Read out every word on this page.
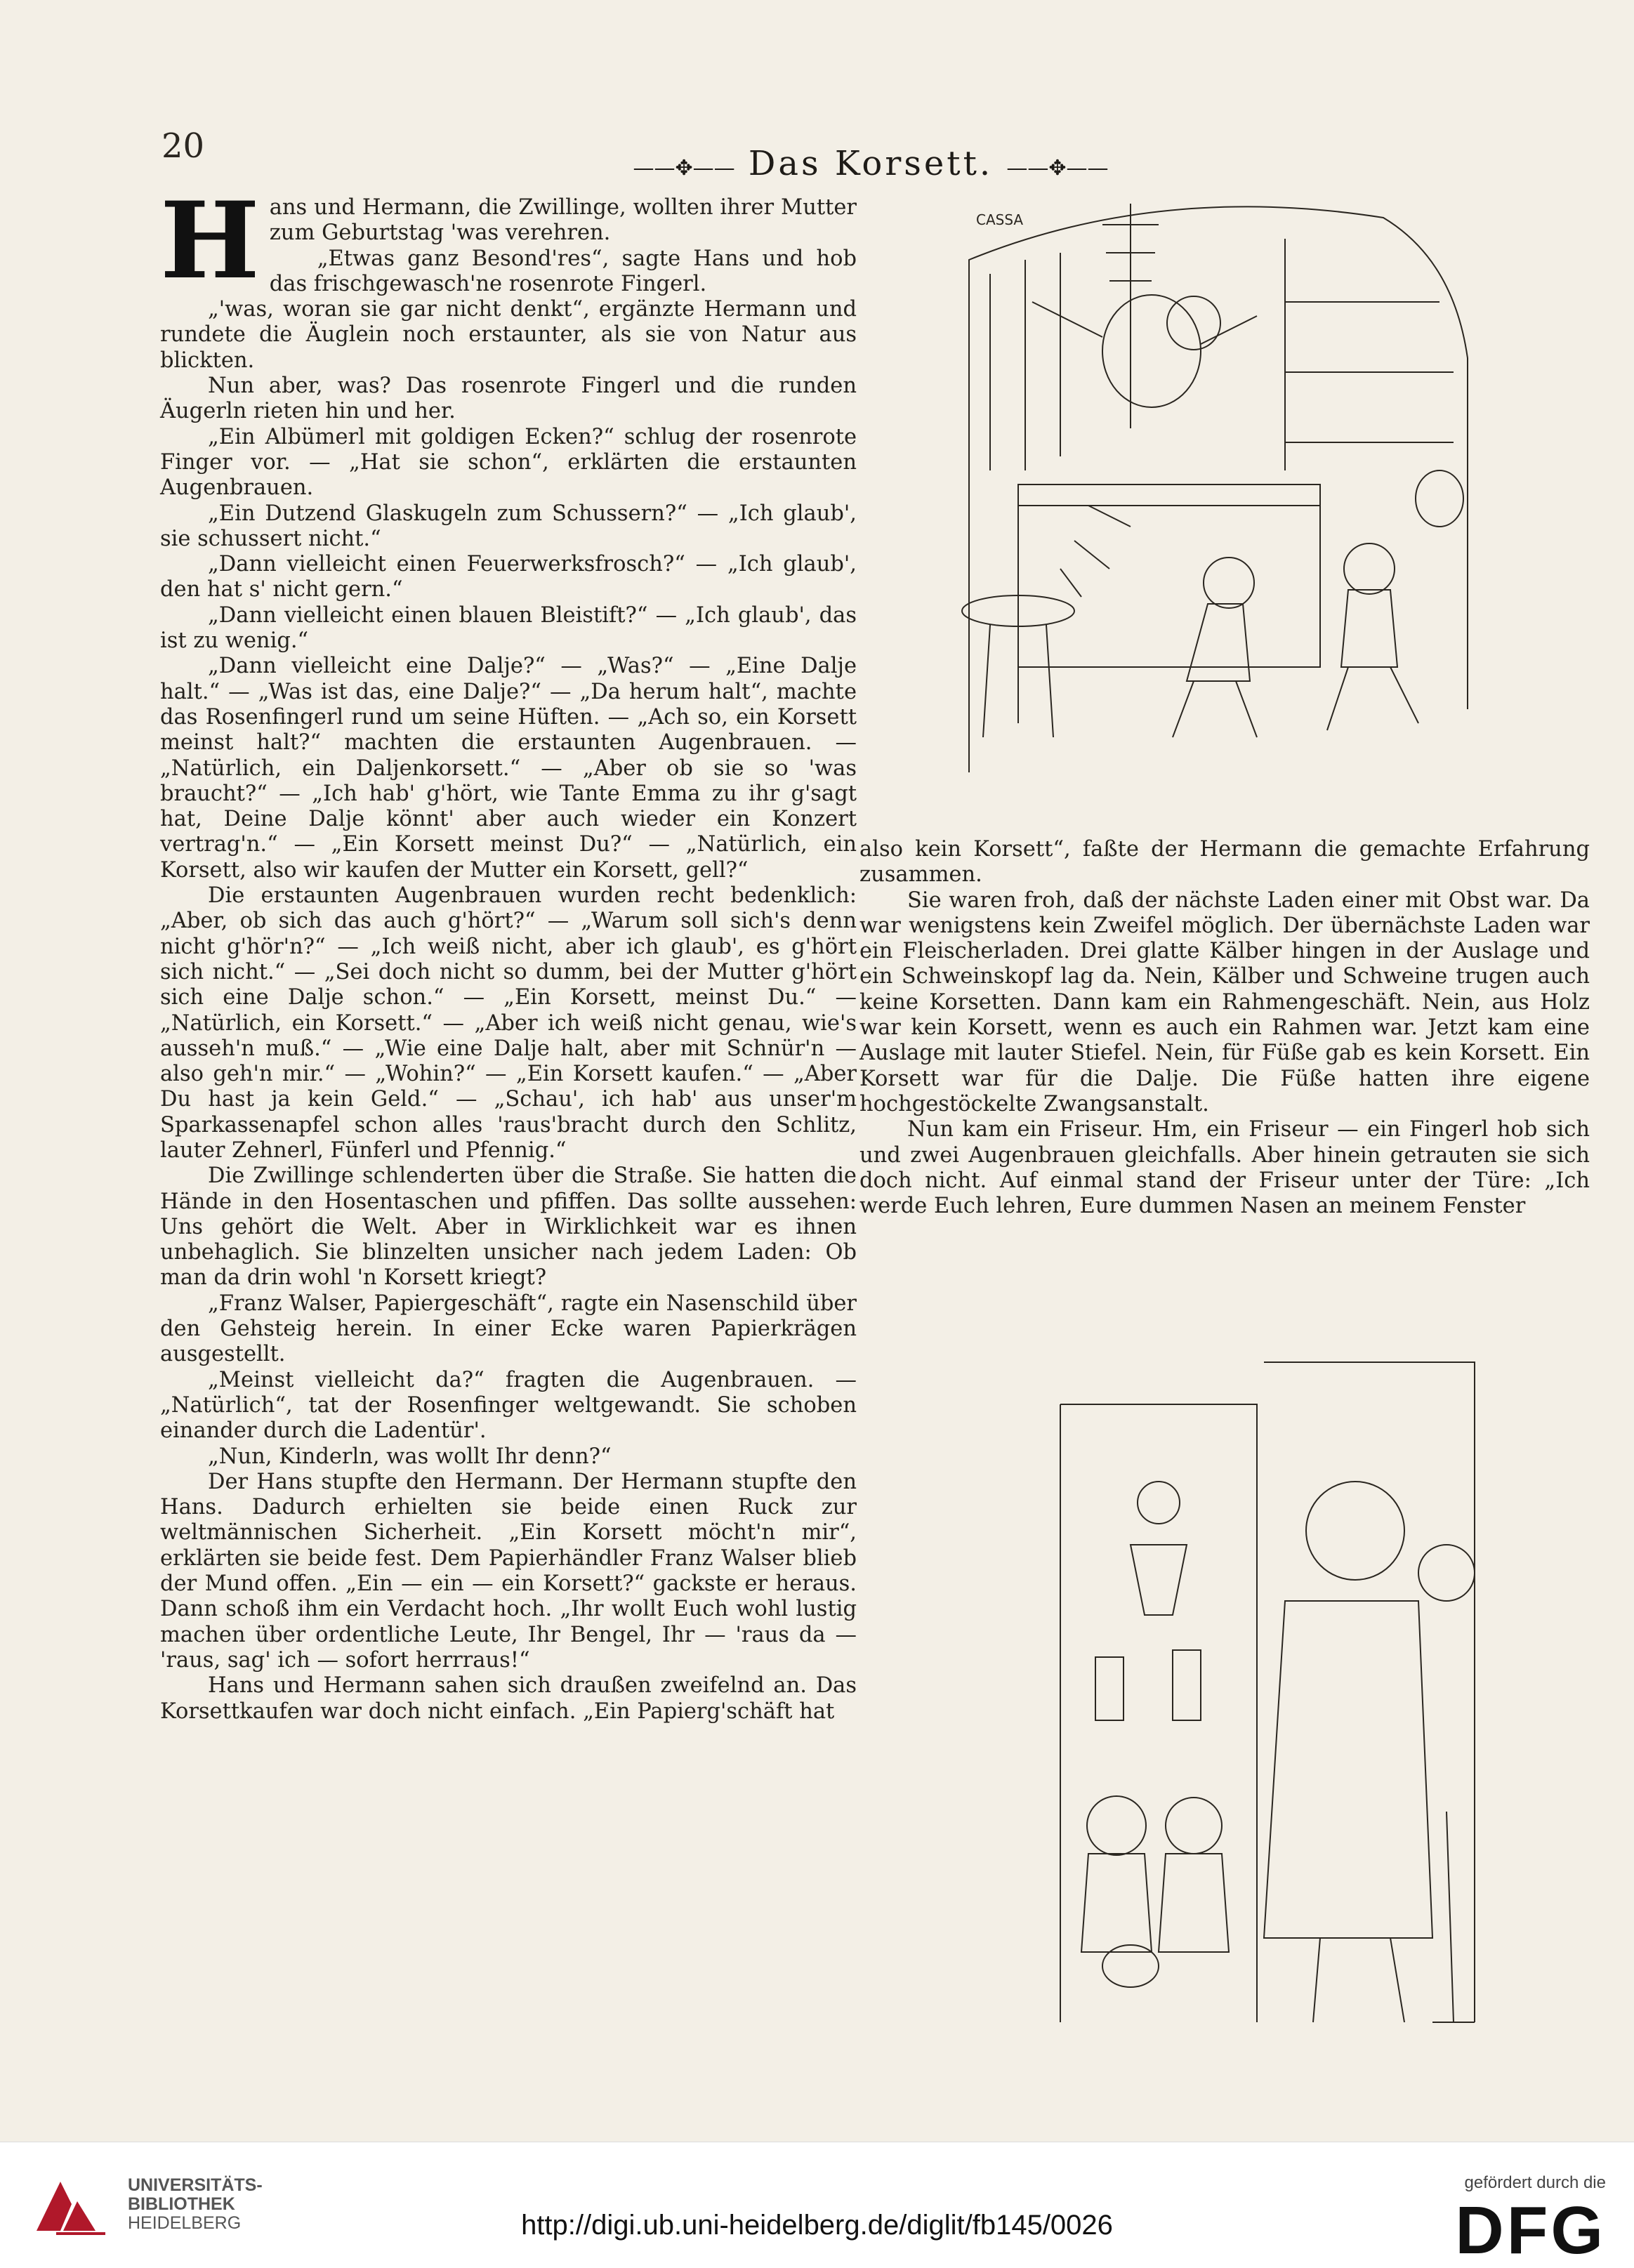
20
——✥—— Das Korsett. ——✥——

Hans und Hermann, die Zwillinge, wollten ihrer Mutter zum Geburtstag 'was verehren.

„Etwas ganz Besond'res“, sagte Hans und hob das frischgewasch'ne rosenrote Fingerl.

„'was, woran sie gar nicht denkt“, ergänzte Hermann und rundete die Äuglein noch erstaunter, als sie von Natur aus blickten.

Nun aber, was? Das rosenrote Fingerl und die runden Äugerln rieten hin und her.

„Ein Albümerl mit goldigen Ecken?“ schlug der rosenrote Finger vor. — „Hat sie schon“, erklärten die erstaunten Augenbrauen.

„Ein Dutzend Glaskugeln zum Schussern?“ — „Ich glaub', sie schussert nicht.“

„Dann vielleicht einen Feuerwerksfrosch?“ — „Ich glaub', den hat s' nicht gern.“

„Dann vielleicht einen blauen Bleistift?“ — „Ich glaub', das ist zu wenig.“

„Dann vielleicht eine Dalje?“ — „Was?“ — „Eine Dalje halt.“ — „Was ist das, eine Dalje?“ — „Da herum halt“, machte das Rosenfingerl rund um seine Hüften. — „Ach so, ein Korsett meinst halt?“ machten die erstaunten Augenbrauen. — „Natürlich, ein Daljenkorsett.“ — „Aber ob sie so 'was braucht?“ — „Ich hab' g'hört, wie Tante Emma zu ihr g'sagt hat, Deine Dalje könnt' aber auch wieder ein Konzert vertrag'n.“ — „Ein Korsett meinst Du?“ — „Natürlich, ein Korsett, also wir kaufen der Mutter ein Korsett, gell?“

Die erstaunten Augenbrauen wurden recht bedenklich: „Aber, ob sich das auch g'hört?“ — „Warum soll sich's denn nicht g'hör'n?“ — „Ich weiß nicht, aber ich glaub', es g'hört sich nicht.“ — „Sei doch nicht so dumm, bei der Mutter g'hört sich eine Dalje schon.“ — „Ein Korsett, meinst Du.“ — „Natürlich, ein Korsett.“ — „Aber ich weiß nicht genau, wie's ausseh'n muß.“ — „Wie eine Dalje halt, aber mit Schnür'n — also geh'n mir.“ — „Wohin?“ — „Ein Korsett kaufen.“ — „Aber Du hast ja kein Geld.“ — „Schau', ich hab' aus unser'm Sparkassenapfel schon alles 'raus'bracht durch den Schlitz, lauter Zehnerl, Fünferl und Pfennig.“

Die Zwillinge schlenderten über die Straße. Sie hatten die Hände in den Hosentaschen und pfiffen. Das sollte aussehen: Uns gehört die Welt. Aber in Wirklichkeit war es ihnen unbehaglich. Sie blinzelten unsicher nach jedem Laden: Ob man da drin wohl 'n Korsett kriegt?

„Franz Walser, Papiergeschäft“, ragte ein Nasenschild über den Gehsteig herein. In einer Ecke waren Papierkrägen ausgestellt.

„Meinst vielleicht da?“ fragten die Augenbrauen. — „Natürlich“, tat der Rosenfinger weltgewandt. Sie schoben einander durch die Ladentür'.

„Nun, Kinderln, was wollt Ihr denn?“

Der Hans stupfte den Hermann. Der Hermann stupfte den Hans. Dadurch erhielten sie beide einen Ruck zur weltmännischen Sicherheit. „Ein Korsett möcht'n mir“, erklärten sie beide fest. Dem Papierhändler Franz Walser blieb der Mund offen. „Ein — ein — ein Korsett?“ gackste er heraus. Dann schoß ihm ein Verdacht hoch. „Ihr wollt Euch wohl lustig machen über ordentliche Leute, Ihr Bengel, Ihr — 'raus da — 'raus, sag' ich — sofort herrraus!“

Hans und Hermann sahen sich draußen zweifelnd an. Das Korsettkaufen war doch nicht einfach. „Ein Papierg'schäft hat

CASSA

also kein Korsett“, faßte der Hermann die gemachte Erfahrung zusammen.

Sie waren froh, daß der nächste Laden einer mit Obst war. Da war wenigstens kein Zweifel möglich. Der übernächste Laden war ein Fleischerladen. Drei glatte Kälber hingen in der Auslage und ein Schweinskopf lag da. Nein, Kälber und Schweine trugen auch keine Korsetten. Dann kam ein Rahmengeschäft. Nein, aus Holz war kein Korsett, wenn es auch ein Rahmen war. Jetzt kam eine Auslage mit lauter Stiefel. Nein, für Füße gab es kein Korsett. Ein Korsett war für die Dalje. Die Füße hatten ihre eigene hochgestöckelte Zwangsanstalt.

Nun kam ein Friseur. Hm, ein Friseur — ein Fingerl hob sich und zwei Augenbrauen gleichfalls. Aber hinein getrauten sie sich doch nicht. Auf einmal stand der Friseur unter der Türe: „Ich werde Euch lehren, Eure dummen Nasen an meinem Fenster

UNIVERSITÄTS-
BIBLIOTHEK
HEIDELBERG	http://digi.ub.uni-heidelberg.de/diglit/fb145/0026
gefördert durch die
DFG
